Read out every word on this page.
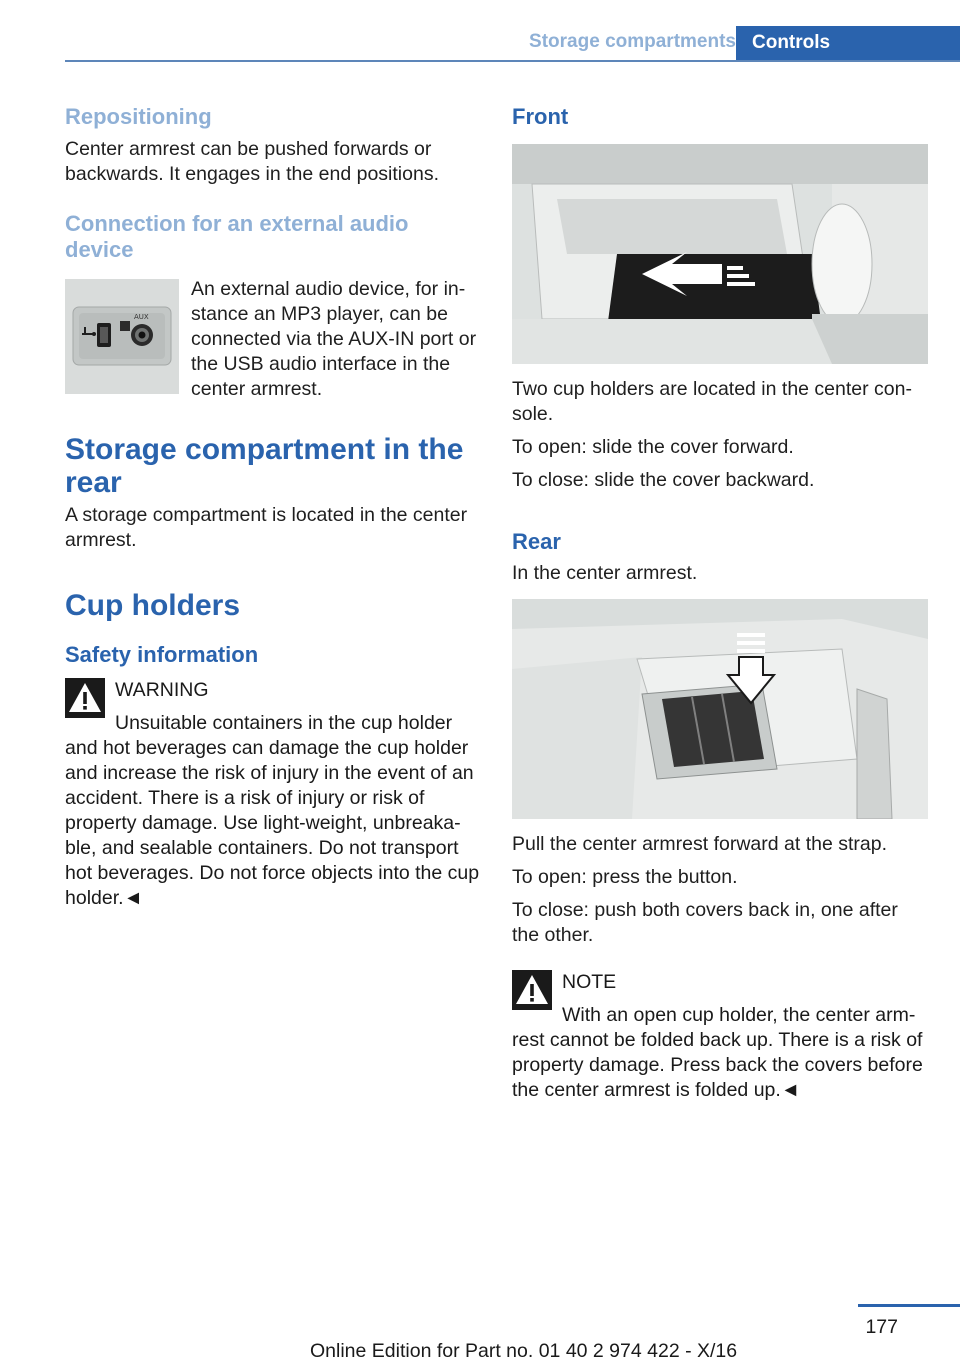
Storage compartments Controls
Repositioning

Center armrest can be pushed forwards or backwards. It engages in the end positions.

Connection for an external audio device
AUX

An external audio device, for instance an MP3 player, can be connected via the AUX-IN port or the USB audio interface in the center armrest.

Storage compartment in the rear

A storage compartment is located in the center armrest.

Cup holders
Safety information
WARNING

Unsuitable containers in the cup holder and hot beverages can damage the cup holder and increase the risk of injury in the event of an accident. There is a risk of injury or risk of property damage. Use light-weight, unbreakable, and sealable containers. Do not transport hot beverages. Do not force objects into the cup holder.◄

Front

Two cup holders are located in the center console.

To open: slide the cover forward.

To close: slide the cover backward.

Rear

In the center armrest.

Pull the center armrest forward at the strap.

To open: press the button.

To close: push both covers back in, one after the other.

NOTE

With an open cup holder, the center armrest cannot be folded back up. There is a risk of property damage. Press back the covers before the center armrest is folded up.◄

177
Online Edition for Part no. 01 40 2 974 422 - X/16
